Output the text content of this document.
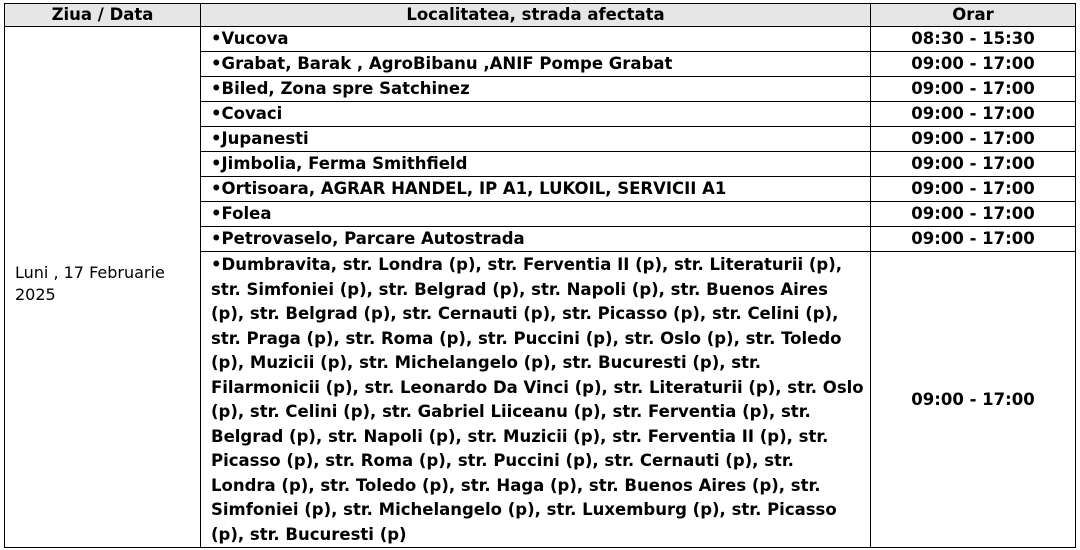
Ziua / Data	Localitatea, strada afectata	Orar

Luni , 17 Februarie
2025	•Vucova	08:30 - 15:30
	•Grabat, Barak , AgroBibanu ,ANIF Pompe Grabat	09:00 - 17:00
	•Biled, Zona spre Satchinez	09:00 - 17:00
	•Covaci	09:00 - 17:00
	•Jupanesti	09:00 - 17:00
	•Jimbolia, Ferma Smithfield	09:00 - 17:00
	•Ortisoara, AGRAR HANDEL, IP A1, LUKOIL, SERVICII A1	09:00 - 17:00
	•Folea	09:00 - 17:00
	•Petrovaselo, Parcare Autostrada	09:00 - 17:00
	•Dumbravita, str. Londra (p), str. Ferventia II (p), str. Literaturii (p), str. Simfoniei (p), str. Belgrad (p), str. Napoli (p), str. Buenos Aires (p), str. Belgrad (p), str. Cernauti (p), str. Picasso (p), str. Celini (p), str. Praga (p), str. Roma (p), str. Puccini (p), str. Oslo (p), str. Toledo (p), Muzicii (p), str. Michelangelo (p), str. Bucuresti (p), str. Filarmonicii (p), str. Leonardo Da Vinci (p), str. Literaturii (p), str. Oslo (p), str. Celini (p), str. Gabriel Liiceanu (p), str. Ferventia (p), str. Belgrad (p), str. Napoli (p), str. Muzicii (p), str. Ferventia II (p), str. Picasso (p), str. Roma (p), str. Puccini (p), str. Cernauti (p), str. Londra (p), str. Toledo (p), str. Haga (p), str. Buenos Aires (p), str. Simfoniei (p), str. Michelangelo (p), str. Luxemburg (p), str. Picasso (p), str. Bucuresti (p)	09:00 - 17:00
